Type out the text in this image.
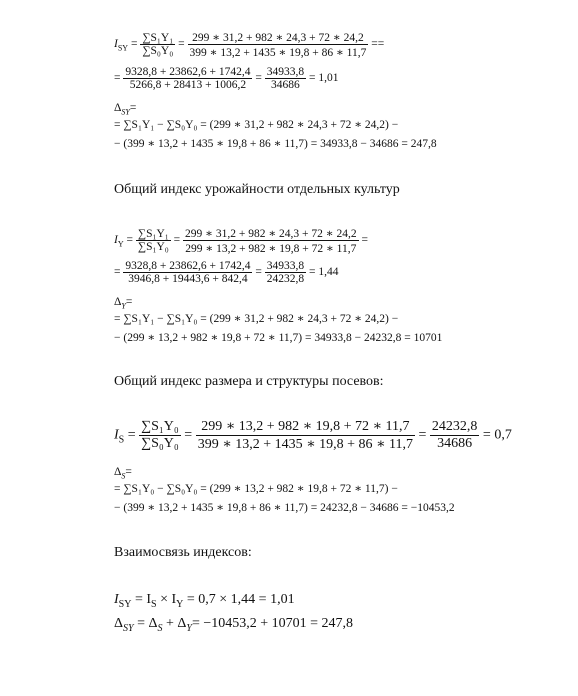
$I_{SY} = \frac{\text{∑S₁Y₁}}{\text{∑S₀Y₀}} = \frac{299 ∗ 31,2 + 982 ∗ 24,3 + 72 ∗ 24,2}{399 ∗ 13,2 + 1435 ∗ 19,8 + 86 ∗ 11,7}$ ==
= $\frac{9328,8 + 23862,6 + 1742,4}{5266,8 + 28413 + 1006,2} = \frac{34933,8}{34686} = 1,01$
$\Delta_{SY}=$
= ∑S₁Y₁ − ∑S₀Y₀ = (299 ∗ 31,2 + 982 ∗ 24,3 + 72 ∗ 24,2) −
− (399 ∗ 13,2 + 1435 ∗ 19,8 + 86 ∗ 11,7) = 34933,8 − 34686 = 247,8
Общий индекс урожайности отдельных культур
$I_Y = \frac{\text{∑S₁Y₁}}{\text{∑S₁Y₀}} = \frac{299 ∗ 31,2 + 982 ∗ 24,3 + 72 ∗ 24,2}{299 ∗ 13,2 + 982 ∗ 19,8 + 72 ∗ 11,7}$ =
= $\frac{9328,8 + 23862,6 + 1742,4}{3946,8 + 19443,6 + 842,4} = \frac{34933,8}{24232,8} = 1,44$
$\Delta_Y=$
= ∑S₁Y₁ − ∑S₁Y₀ = (299 ∗ 31,2 + 982 ∗ 24,3 + 72 ∗ 24,2) −
− (299 ∗ 13,2 + 982 ∗ 19,8 + 72 ∗ 11,7) = 34933,8 − 24232,8 = 10701
Общий индекс размера и структуры посевов:
$I_S = \frac{\text{∑S₁Y₀}}{\text{∑S₀Y₀}} = \frac{299 ∗ 13,2 + 982 ∗ 19,8 + 72 ∗ 11,7}{399 ∗ 13,2 + 1435 ∗ 19,8 + 86 ∗ 11,7} = \frac{24232,8}{34686} = 0,7$
$\Delta_S=$
= ∑S₁Y₀ − ∑S₀Y₀ = (299 ∗ 13,2 + 982 ∗ 19,8 + 72 ∗ 11,7) −
− (399 ∗ 13,2 + 1435 ∗ 19,8 + 86 ∗ 11,7) = 24232,8 − 34686 = −10453,2
Взаимосвязь индексов:
$I_{SY} = I_S \times I_Y = 0,7 \times 1,44 = 1,01$
$\Delta_{SY} = \Delta_S + \Delta_Y= -10453,2 + 10701 = 247,8$
